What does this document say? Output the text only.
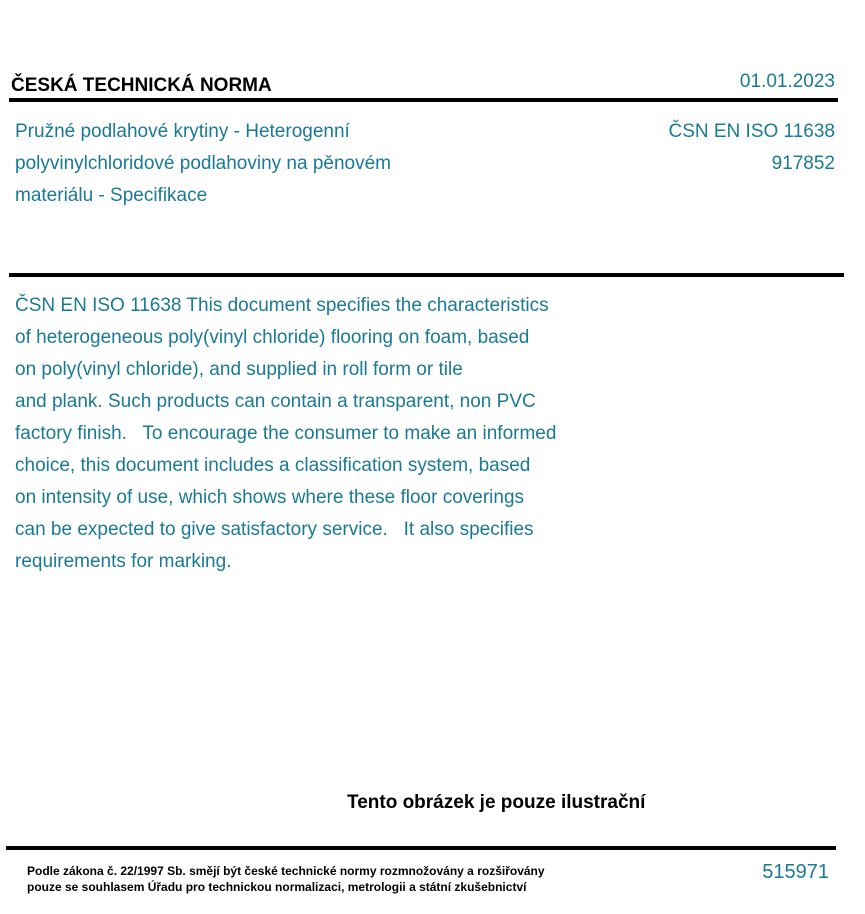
ČESKÁ TECHNICKÁ NORMA	01.01.2023
Pružné podlahové krytiny - Heterogenní
polyvinylchloridové podlahoviny na pěnovém
materiálu - Specifikace
ČSN EN ISO 11638
917852
ČSN EN ISO 11638 This document specifies the characteristics
of heterogeneous poly(vinyl chloride) flooring on foam, based
on poly(vinyl chloride), and supplied in roll form or tile
and plank. Such products can contain a transparent, non PVC
factory finish.   To encourage the consumer to make an informed
choice, this document includes a classification system, based
on intensity of use, which shows where these floor coverings
can be expected to give satisfactory service.   It also specifies
requirements for marking.
Tento obrázek je pouze ilustrační
Podle zákona č. 22/1997 Sb. smějí být české technické normy rozmnožovány a rozšiřovány
pouze se souhlasem Úřadu pro technickou normalizaci, metrologii a státní zkušebnictví
515971
